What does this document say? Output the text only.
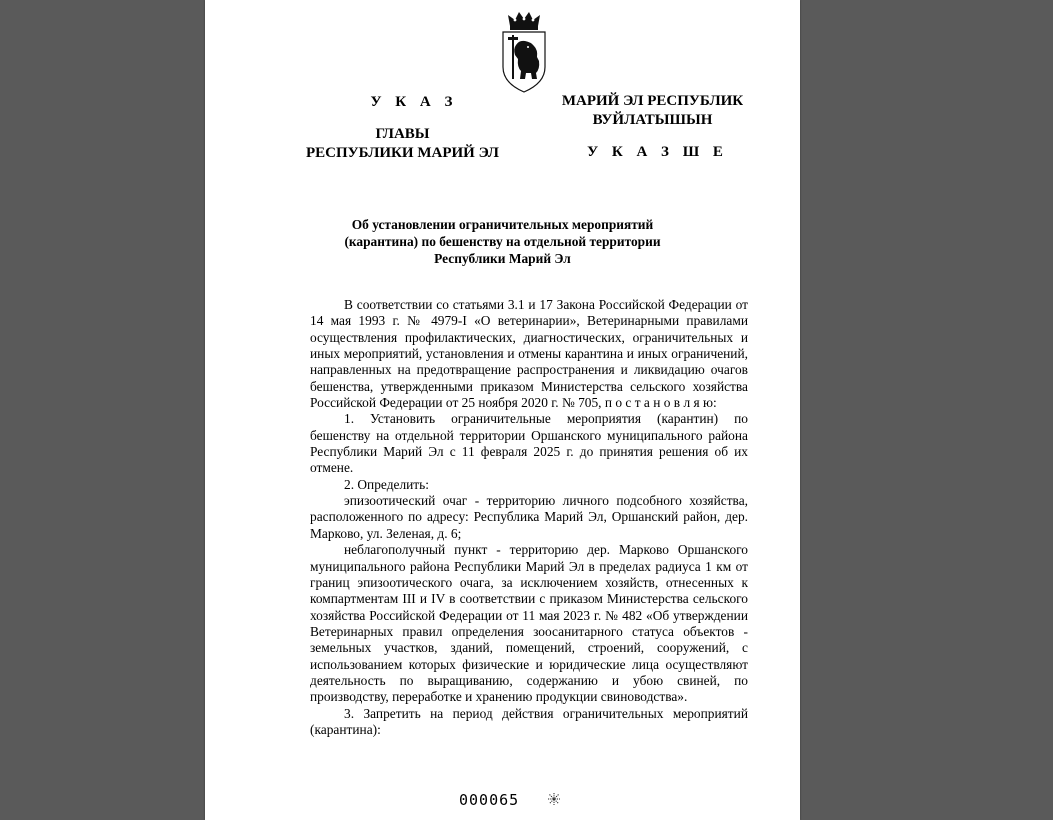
У К А З
ГЛАВЫ
РЕСПУБЛИКИ МАРИЙ ЭЛ
МАРИЙ ЭЛ РЕСПУБЛИК
ВУЙЛАТЫШЫН
У К А З Ш Е
Об установлении ограничительных мероприятий
(карантина) по бешенству на отдельной территории
Республики Марий Эл

В соответствии со статьями 3.1 и 17 Закона Российской Федерации от 14 мая 1993 г. № 4979-I «О ветеринарии», Ветеринарными правилами осуществления профилактических, диагностических, ограничительных и иных мероприятий, установления и отмены карантина и иных ограничений, направленных на предотвращение распространения и ликвидацию очагов бешенства, утвержденными приказом Министерства сельского хозяйства Российской Федерации от 25 ноября 2020 г. № 705, п о с т а н о в л я ю:

1. Установить ограничительные мероприятия (карантин) по бешенству на отдельной территории Оршанского муниципального района Республики Марий Эл с 11 февраля 2025 г. до принятия решения об их отмене.

2. Определить:

эпизоотический очаг - территорию личного подсобного хозяйства, расположенного по адресу: Республика Марий Эл, Оршанский район, дер. Марково, ул. Зеленая, д. 6;

неблагополучный пункт - территорию дер. Марково Оршанского муниципального района Республики Марий Эл в пределах радиуса 1 км от границ эпизоотического очага, за исключением хозяйств, отнесенных к компартментам III и IV в соответствии с приказом Министерства сельского хозяйства Российской Федерации от 11 мая 2023 г. № 482 «Об утверждении Ветеринарных правил определения зоосанитарного статуса объектов - земельных участков, зданий, помещений, строений, сооружений, с использованием которых физические и юридические лица осуществляют деятельность по выращиванию, содержанию и убою свиней, по производству, переработке и хранению продукции свиноводства».

3. Запретить на период действия ограничительных мероприятий (карантина):

000065
